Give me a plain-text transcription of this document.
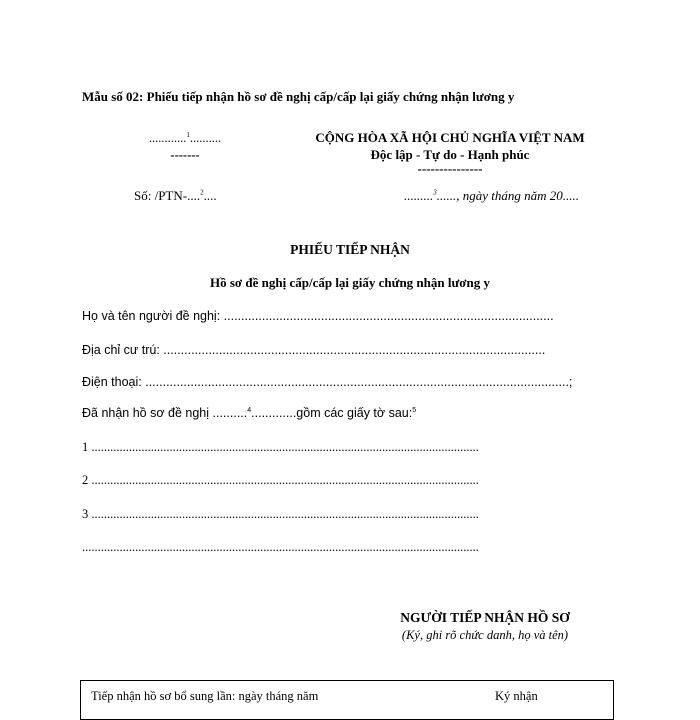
Mẫu số 02: Phiếu tiếp nhận hồ sơ đề nghị cấp/cấp lại giấy chứng nhận lương y
............$^1$..........
-------
CỘNG HÒA XÃ HỘI CHỦ NGHĨA VIỆT NAM
Độc lập - Tự do - Hạnh phúc
---------------
Số: /PTN-....$^2$....	.........$^3$......, ngày tháng năm 20.....
PHIẾU TIẾP NHẬN
Hồ sơ đề nghị cấp/cấp lại giấy chứng nhận lương y
Họ và tên người đề nghị: ...............................................................................................
Địa chỉ cư trú: ..............................................................................................................
Điện thoại: ..........................................................................................................................;
Đã nhận hồ sơ đề nghị ..........$^4$.............gồm các giấy tờ sau:$^5$
1 ............................................................................................................................
2 ............................................................................................................................
3 ............................................................................................................................
...............................................................................................................................
NGƯỜI TIẾP NHẬN HỒ SƠ
(Ký, ghi rõ chức danh, họ và tên)
Tiếp nhận hồ sơ bổ sung lần: ngày tháng năm	Ký nhận
